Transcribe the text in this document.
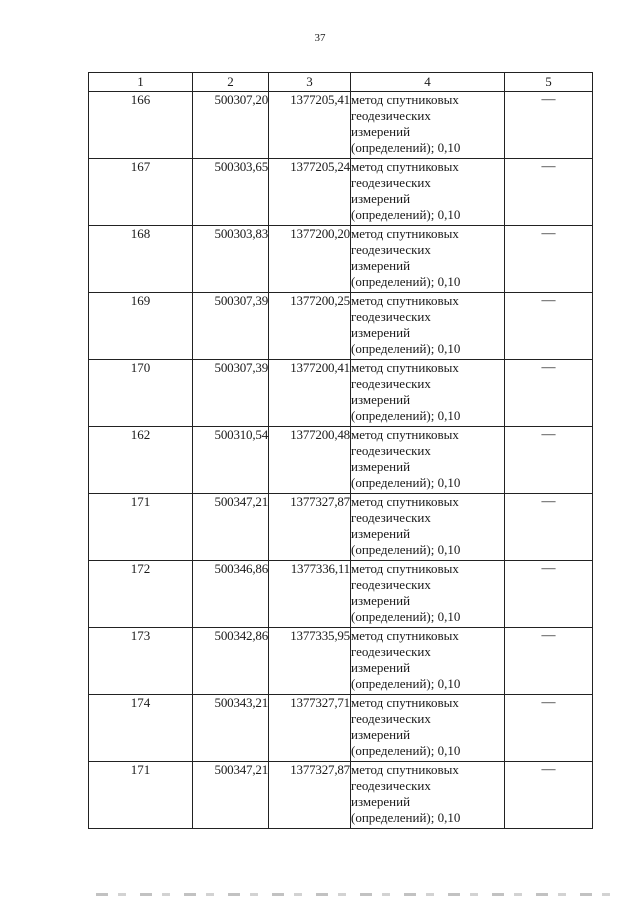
37
1	2	3	4	5
166	500307,20	1377205,41	метод спутниковых
геодезических
измерений
(определений); 0,10	—
167	500303,65	1377205,24	метод спутниковых
геодезических
измерений
(определений); 0,10	—
168	500303,83	1377200,20	метод спутниковых
геодезических
измерений
(определений); 0,10	—
169	500307,39	1377200,25	метод спутниковых
геодезических
измерений
(определений); 0,10	—
170	500307,39	1377200,41	метод спутниковых
геодезических
измерений
(определений); 0,10	—
162	500310,54	1377200,48	метод спутниковых
геодезических
измерений
(определений); 0,10	—
171	500347,21	1377327,87	метод спутниковых
геодезических
измерений
(определений); 0,10	—
172	500346,86	1377336,11	метод спутниковых
геодезических
измерений
(определений); 0,10	—
173	500342,86	1377335,95	метод спутниковых
геодезических
измерений
(определений); 0,10	—
174	500343,21	1377327,71	метод спутниковых
геодезических
измерений
(определений); 0,10	—
171	500347,21	1377327,87	метод спутниковых
геодезических
измерений
(определений); 0,10	—
